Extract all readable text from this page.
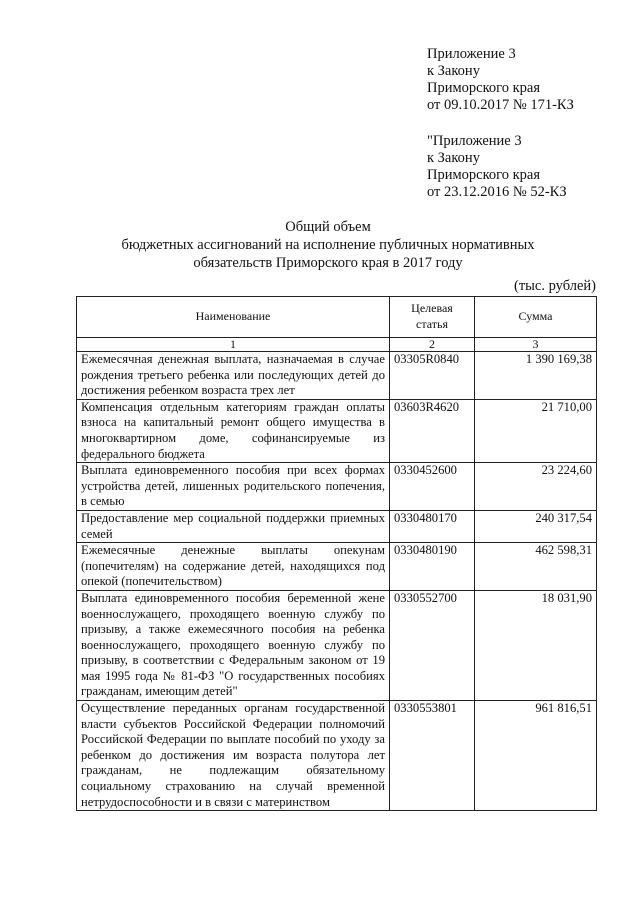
Приложение 3
к Закону
Приморского края
от 09.10.2017 № 171-КЗ
"Приложение 3
к Закону
Приморского края
от 23.12.2016 № 52-КЗ
Общий объем
бюджетных ассигнований на исполнение публичных нормативных
обязательств Приморского края в 2017 году
(тыс. рублей)
Наименование	Целевая статья	Сумма
1	2	3
Ежемесячная денежная выплата, назначаемая в случае рождения третьего ребенка или последующих детей до достижения ребенком возраста трех лет	03305R0840	1 390 169,38
Компенсация отдельным категориям граждан оплаты взноса на капитальный ремонт общего имущества в многоквартирном доме, софинансируемые из федерального бюджета	03603R4620	21 710,00
Выплата единовременного пособия при всех формах устройства детей, лишенных родительского попечения, в семью	0330452600	23 224,60
Предоставление мер социальной поддержки приемных семей	0330480170	240 317,54
Ежемесячные денежные выплаты опекунам (попечителям) на содержание детей, находящихся под опекой (попечительством)	0330480190	462 598,31
Выплата единовременного пособия беременной жене военнослужащего, проходящего военную службу по призыву, а также ежемесячного пособия на ребенка военнослужащего, проходящего военную службу по призыву, в соответствии с Федеральным законом от 19 мая 1995 года № 81-ФЗ "О государственных пособиях гражданам, имеющим детей"	0330552700	18 031,90
Осуществление переданных органам государственной власти субъектов Российской Федерации полномочий Российской Федерации по выплате пособий по уходу за ребенком до достижения им возраста полутора лет гражданам, не подлежащим обязательному социальному страхованию на случай временной нетрудоспособности и в связи с материнством	0330553801	961 816,51
